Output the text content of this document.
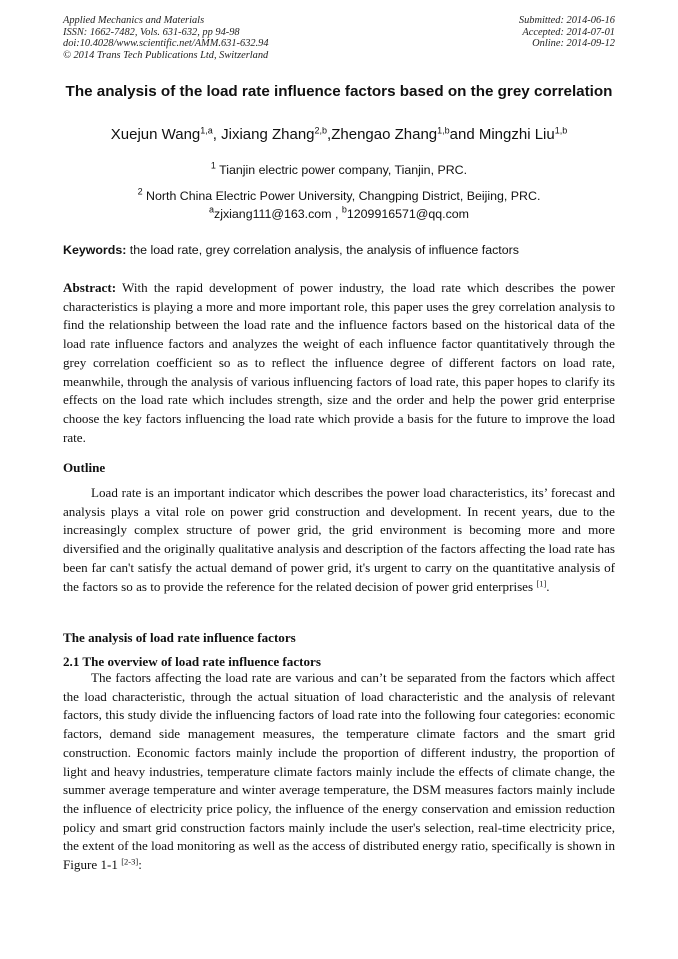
Applied Mechanics and Materials
ISSN: 1662-7482, Vols. 631-632, pp 94-98
doi:10.4028/www.scientific.net/AMM.631-632.94
© 2014 Trans Tech Publications Ltd, Switzerland
Submitted: 2014-06-16
Accepted: 2014-07-01
Online: 2014-09-12
The analysis of the load rate influence factors based on the grey correlation
Xuejun Wang$^{1,a}$, Jixiang Zhang$^{2,b}$,Zhengao Zhang$^{1,b}$and Mingzhi Liu$^{1,b}$
$^1$ Tianjin electric power company, Tianjin, PRC.
$^2$ North China Electric Power University, Changping District, Beijing, PRC.
$^a$zjxiang111@163.com , $^b$1209916571@qq.com
Keywords: the load rate, grey correlation analysis, the analysis of influence factors
Abstract: With the rapid development of power industry, the load rate which describes the power characteristics is playing a more and more important role, this paper uses the grey correlation analysis to find the relationship between the load rate and the influence factors based on the historical data of the load rate influence factors and analyzes the weight of each influence factor quantitatively through the grey correlation coefficient so as to reflect the influence degree of different factors on load rate, meanwhile, through the analysis of various influencing factors of load rate, this paper hopes to clarify its effects on the load rate which includes strength, size and the order and help the power grid enterprise choose the key factors influencing the load rate which provide a basis for the future to improve the load rate.
Outline
Load rate is an important indicator which describes the power load characteristics, its’ forecast and analysis plays a vital role on power grid construction and development. In recent years, due to the increasingly complex structure of power grid, the grid environment is becoming more and more diversified and the originally qualitative analysis and description of the factors affecting the load rate has been far can't satisfy the actual demand of power grid, it's urgent to carry on the quantitative analysis of the factors so as to provide the reference for the related decision of power grid enterprises [1].
The analysis of load rate influence factors
2.1 The overview of load rate influence factors
The factors affecting the load rate are various and can’t be separated from the factors which affect the load characteristic, through the actual situation of load characteristic and the analysis of relevant factors, this study divide the influencing factors of load rate into the following four categories: economic factors, demand side management measures, the temperature climate factors and the smart grid construction. Economic factors mainly include the proportion of different industry, the proportion of light and heavy industries, temperature climate factors mainly include the effects of climate change, the summer average temperature and winter average temperature, the DSM measures factors mainly include the influence of electricity price policy, the influence of the energy conservation and emission reduction policy and smart grid construction factors mainly include the user's selection, real-time electricity price, the extent of the load monitoring as well as the access of distributed energy ratio, specifically is shown in Figure 1-1 [2-3]:
